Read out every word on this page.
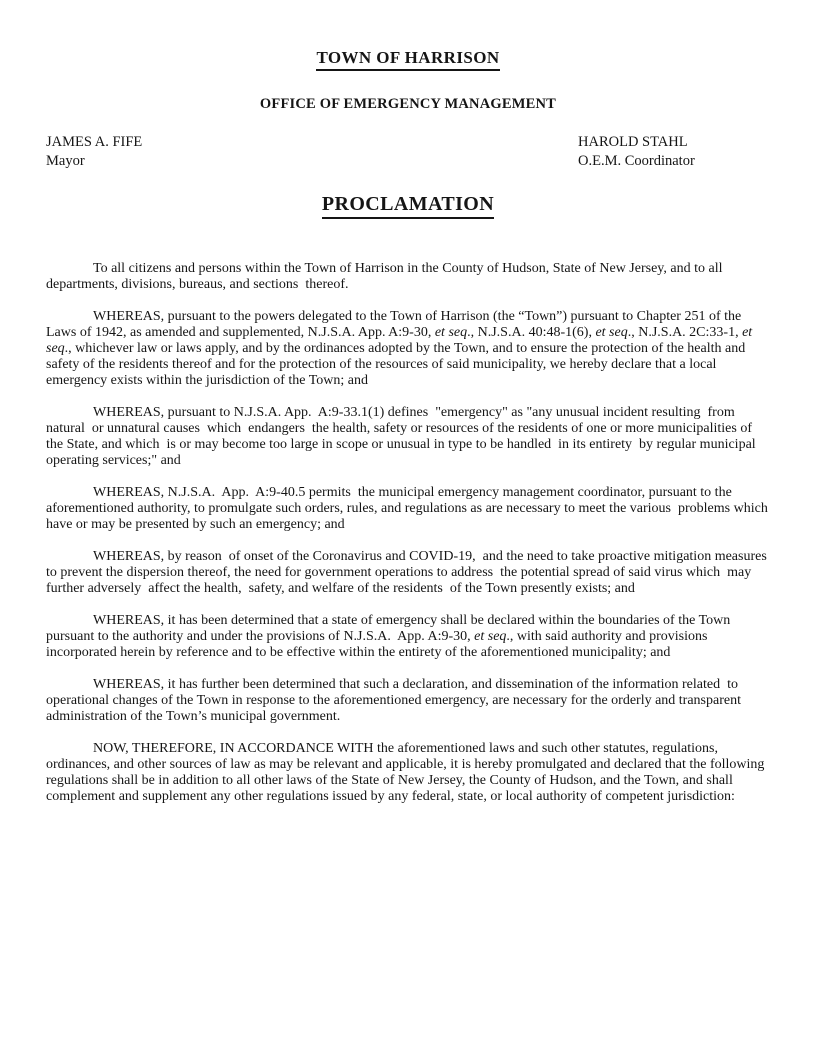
TOWN OF HARRISON
OFFICE OF EMERGENCY MANAGEMENT
JAMES A. FIFE
Mayor
HAROLD STAHL
O.E.M. Coordinator
PROCLAMATION

To all citizens and persons within the Town of Harrison in the County of Hudson, State of New Jersey, and to all departments, divisions, bureaus, and sections  thereof.

WHEREAS, pursuant to the powers delegated to the Town of Harrison (the “Town”) pursuant to Chapter 251 of the Laws of 1942, as amended and supplemented, N.J.S.A. App. A:9-30, et seq., N.J.S.A. 40:48-1(6), et seq., N.J.S.A. 2C:33-1, et seq., whichever law or laws apply, and by the ordinances adopted by the Town, and to ensure the protection of the health and safety of the residents thereof and for the protection of the resources of said municipality, we hereby declare that a local emergency exists within the jurisdiction of the Town; and

WHEREAS, pursuant to N.J.S.A. App.  A:9-33.1(1) defines  "emergency" as "any unusual incident resulting  from natural  or unnatural causes  which  endangers  the health, safety or resources of the residents of one or more municipalities of the State, and which  is or may become too large in scope or unusual in type to be handled  in its entirety  by regular municipal operating services;" and

WHEREAS, N.J.S.A.  App.  A:9-40.5 permits  the municipal emergency management coordinator, pursuant to the aforementioned authority, to promulgate such orders, rules, and regulations as are necessary to meet the various  problems which have or may be presented by such an emergency; and

WHEREAS, by reason  of onset of the Coronavirus and COVID-19,  and the need to take proactive mitigation measures  to prevent the dispersion thereof, the need for government operations to address  the potential spread of said virus which  may further adversely  affect the health,  safety, and welfare of the residents  of the Town presently exists; and

WHEREAS, it has been determined that a state of emergency shall be declared within the boundaries of the Town pursuant to the authority and under the provisions of N.J.S.A.  App. A:9-30, et seq., with said authority and provisions incorporated herein by reference and to be effective within the entirety of the aforementioned municipality; and

WHEREAS, it has further been determined that such a declaration, and dissemination of the information related  to operational changes of the Town in response to the aforementioned emergency, are necessary for the orderly and transparent administration of the Town’s municipal government.

NOW, THEREFORE, IN ACCORDANCE WITH the aforementioned laws and such other statutes, regulations, ordinances, and other sources of law as may be relevant and applicable, it is hereby promulgated and declared that the following regulations shall be in addition to all other laws of the State of New Jersey, the County of Hudson, and the Town, and shall complement and supplement any other regulations issued by any federal, state, or local authority of competent jurisdiction:
